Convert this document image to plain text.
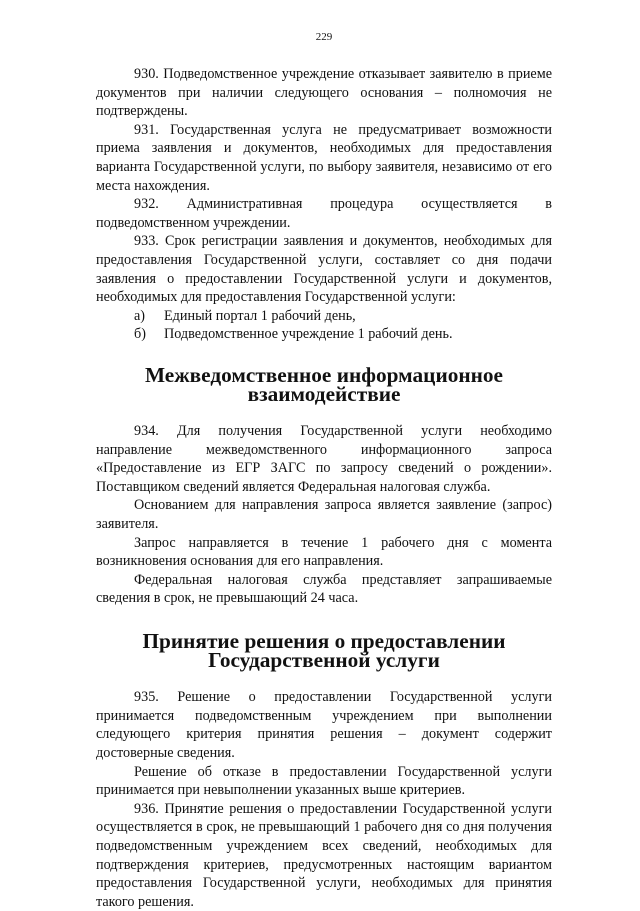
229

930. Подведомственное учреждение отказывает заявителю в приеме документов при наличии следующего основания – полномочия не подтверждены.

931. Государственная услуга не предусматривает возможности приема заявления и документов, необходимых для предоставления варианта Государственной услуги, по выбору заявителя, независимо от его места нахождения.

932. Административная процедура осуществляется в подведомственном учреждении.

933. Срок регистрации заявления и документов, необходимых для предоставления Государственной услуги, составляет со дня подачи заявления о предоставлении Государственной услуги и документов, необходимых для предоставления Государственной услуги:

а)	Единый портал 1 рабочий день,
б)	Подведомственное учреждение 1 рабочий день.
Межведомственное информационное взаимодействие

934. Для получения Государственной услуги необходимо направление межведомственного информационного запроса «Предоставление из ЕГР ЗАГС по запросу сведений о рождении». Поставщиком сведений является Федеральная налоговая служба.

Основанием для направления запроса является заявление (запрос) заявителя.

Запрос направляется в течение 1 рабочего дня с момента возникновения основания для его направления.

Федеральная налоговая служба представляет запрашиваемые сведения в срок, не превышающий 24 часа.

Принятие решения о предоставлении Государственной услуги

935. Решение о предоставлении Государственной услуги принимается подведомственным учреждением при выполнении следующего критерия принятия решения – документ содержит достоверные сведения.

Решение об отказе в предоставлении Государственной услуги принимается при невыполнении указанных выше критериев.

936. Принятие решения о предоставлении Государственной услуги осуществляется в срок, не превышающий 1 рабочего дня со дня получения подведомственным учреждением всех сведений, необходимых для подтверждения критериев, предусмотренных настоящим вариантом предоставления Государственной услуги, необходимых для принятия такого решения.
